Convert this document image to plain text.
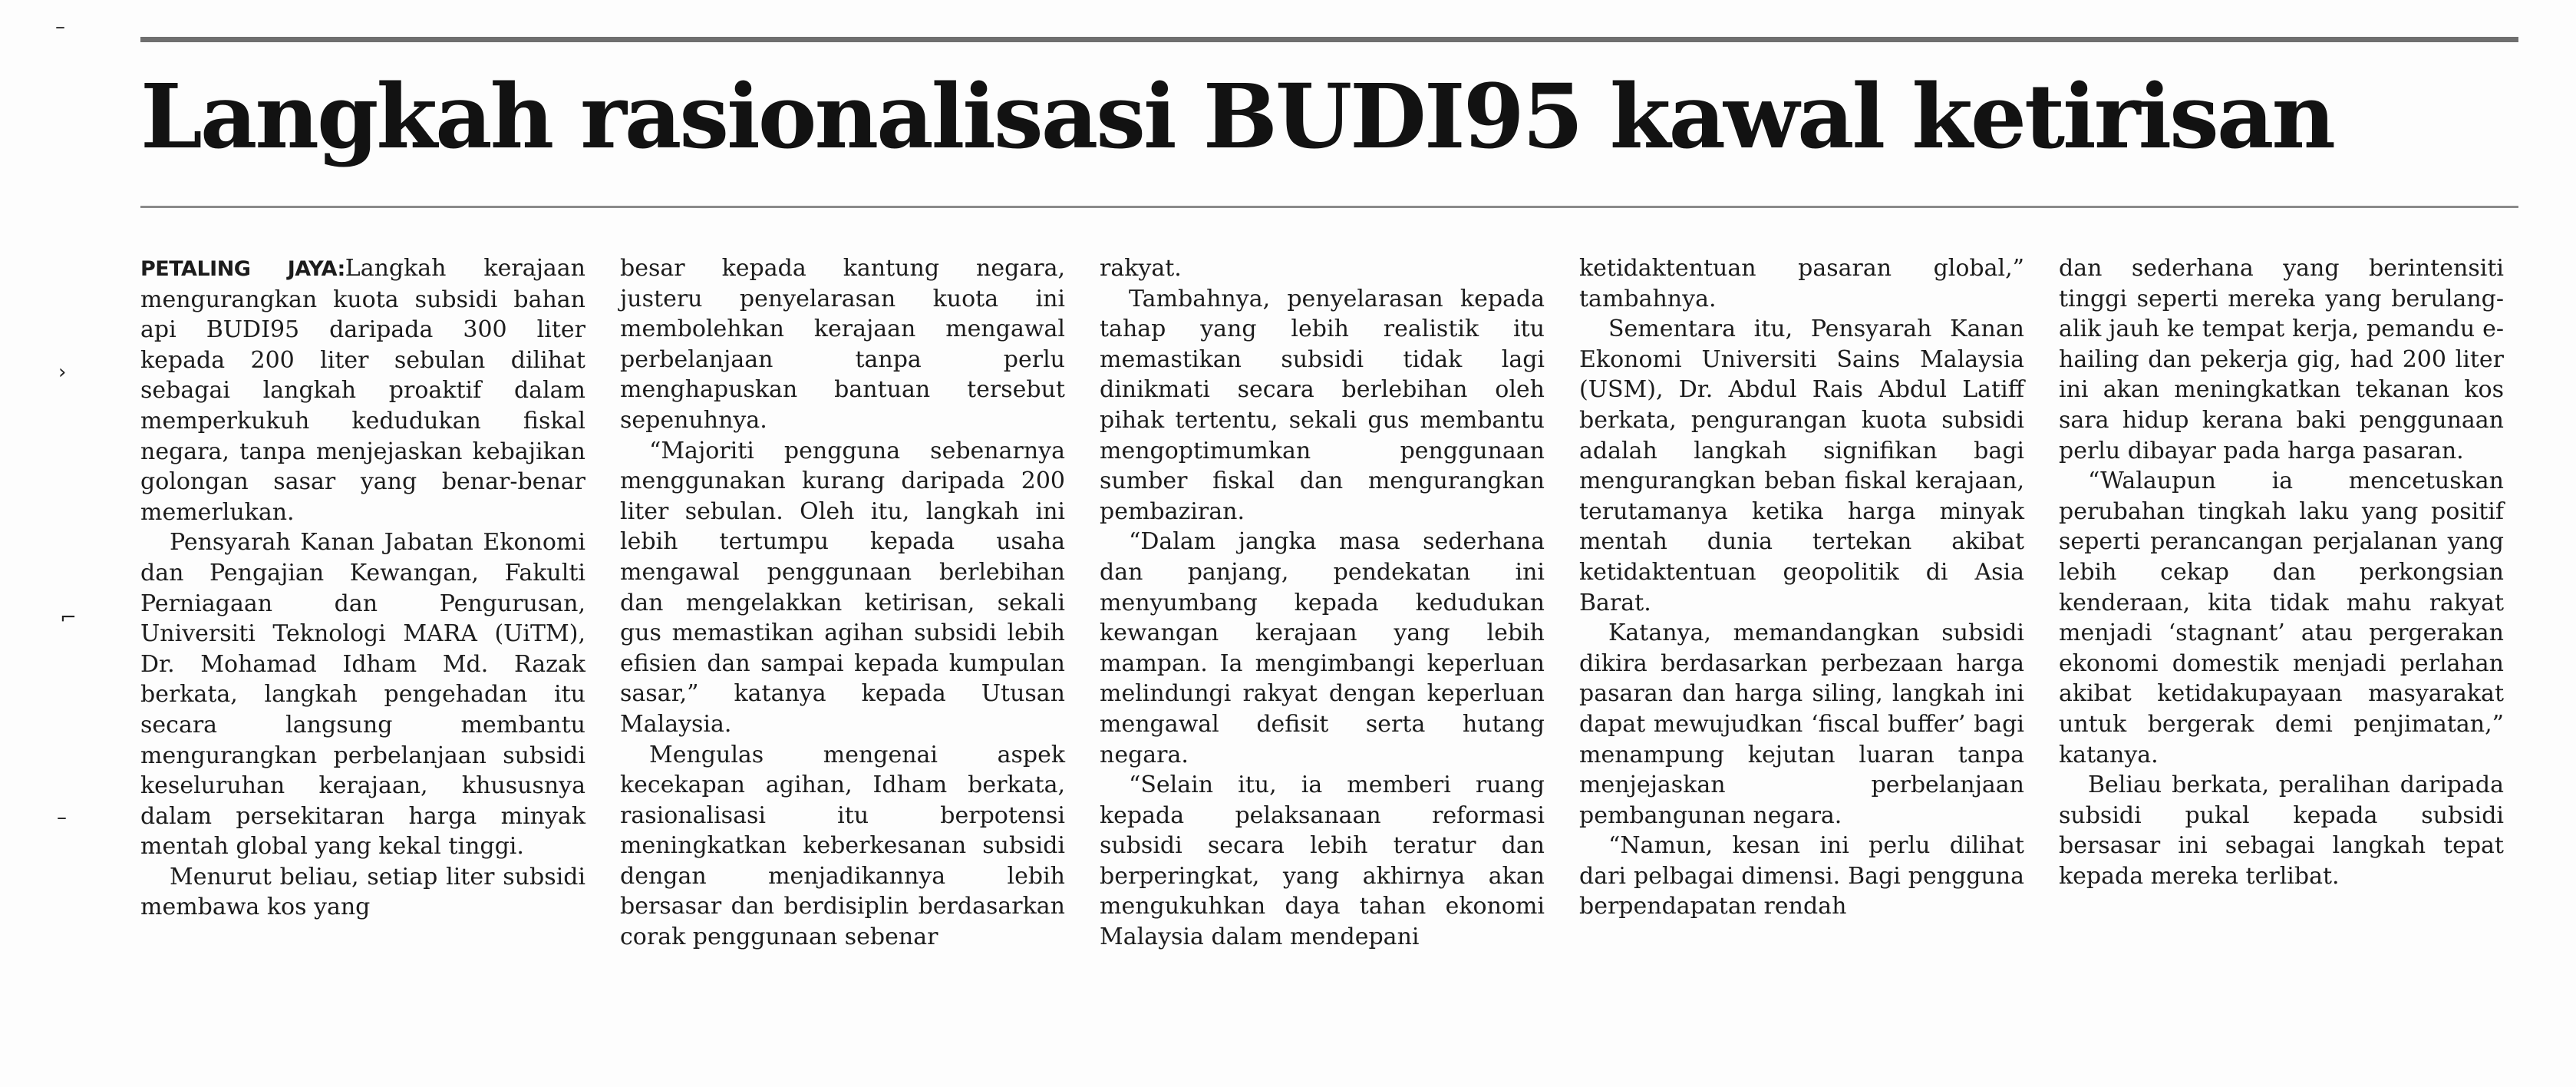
–
›
⌐
–
Langkah rasionalisasi BUDI95 kawal ketirisan

PETALING JAYA:Langkah kerajaan mengurangkan kuota subsidi bahan api BUDI95 daripada 300 liter kepada 200 liter sebulan dilihat sebagai langkah proaktif dalam memperkukuh kedudukan fiskal negara, tanpa menjejaskan kebajikan golongan sasar yang benar-benar memerlukan.

Pensyarah Kanan Jabatan Ekonomi dan Pengajian Kewangan, Fakulti Perniagaan dan Pengurusan, Universiti Teknologi MARA (UiTM), Dr. Mohamad Idham Md. Razak berkata, langkah pengehadan itu secara langsung membantu mengurangkan perbelanjaan subsidi keseluruhan kerajaan, khususnya dalam persekitaran harga minyak mentah global yang kekal tinggi.

Menurut beliau, setiap liter subsidi membawa kos yang

besar kepada kantung negara, justeru penyelarasan kuota ini membolehkan kerajaan mengawal perbelanjaan tanpa perlu menghapuskan bantuan tersebut sepenuhnya.

“Majoriti pengguna sebenarnya menggunakan kurang daripada 200 liter sebulan. Oleh itu, langkah ini lebih tertumpu kepada usaha mengawal penggunaan berlebihan dan mengelakkan ketirisan, sekali gus memastikan agihan subsidi lebih efisien dan sampai kepada kumpulan sasar,” katanya kepada Utusan Malaysia.

Mengulas mengenai aspek kecekapan agihan, Idham berkata, rasionalisasi itu berpotensi meningkatkan keberkesanan subsidi dengan menjadikannya lebih bersasar dan berdisiplin berdasarkan corak penggunaan sebenar

rakyat.

Tambahnya, penyelarasan kepada tahap yang lebih realistik itu memastikan subsidi tidak lagi dinikmati secara berlebihan oleh pihak tertentu, sekali gus membantu mengoptimumkan penggunaan sumber fiskal dan mengurangkan pembaziran.

“Dalam jangka masa sederhana dan panjang, pendekatan ini menyumbang kepada kedudukan kewangan kerajaan yang lebih mampan. Ia mengimbangi keperluan melindungi rakyat dengan keperluan mengawal defisit serta hutang negara.

“Selain itu, ia memberi ruang kepada pelaksanaan reformasi subsidi secara lebih teratur dan berperingkat, yang akhirnya akan mengukuhkan daya tahan ekonomi Malaysia dalam mendepani

ketidaktentuan pasaran global,” tambahnya.

Sementara itu, Pensyarah Kanan Ekonomi Universiti Sains Malaysia (USM), Dr. Abdul Rais Abdul Latiff berkata, pengurangan kuota subsidi adalah langkah signifikan bagi mengurangkan beban fiskal kerajaan, terutamanya ketika harga minyak mentah dunia tertekan akibat ketidaktentuan geopolitik di Asia Barat.

Katanya, memandangkan subsidi dikira berdasarkan perbezaan harga pasaran dan harga siling, langkah ini dapat mewujudkan ‘fiscal buffer’ bagi menampung kejutan luaran tanpa menjejaskan perbelanjaan pembangunan negara.

“Namun, kesan ini perlu dilihat dari pelbagai dimensi. Bagi pengguna berpendapatan rendah

dan sederhana yang berintensiti tinggi seperti mereka yang berulang-alik jauh ke tempat kerja, pemandu e-hailing dan pekerja gig, had 200 liter ini akan meningkatkan tekanan kos sara hidup kerana baki penggunaan perlu dibayar pada harga pasaran.

“Walaupun ia mencetuskan perubahan tingkah laku yang positif seperti perancangan perjalanan yang lebih cekap dan perkongsian kenderaan, kita tidak mahu rakyat menjadi ‘stagnant’ atau pergerakan ekonomi domestik menjadi perlahan akibat ketidakupayaan masyarakat untuk bergerak demi penjimatan,” katanya.

Beliau berkata, peralihan daripada subsidi pukal kepada subsidi bersasar ini sebagai langkah tepat kepada mereka terlibat.
